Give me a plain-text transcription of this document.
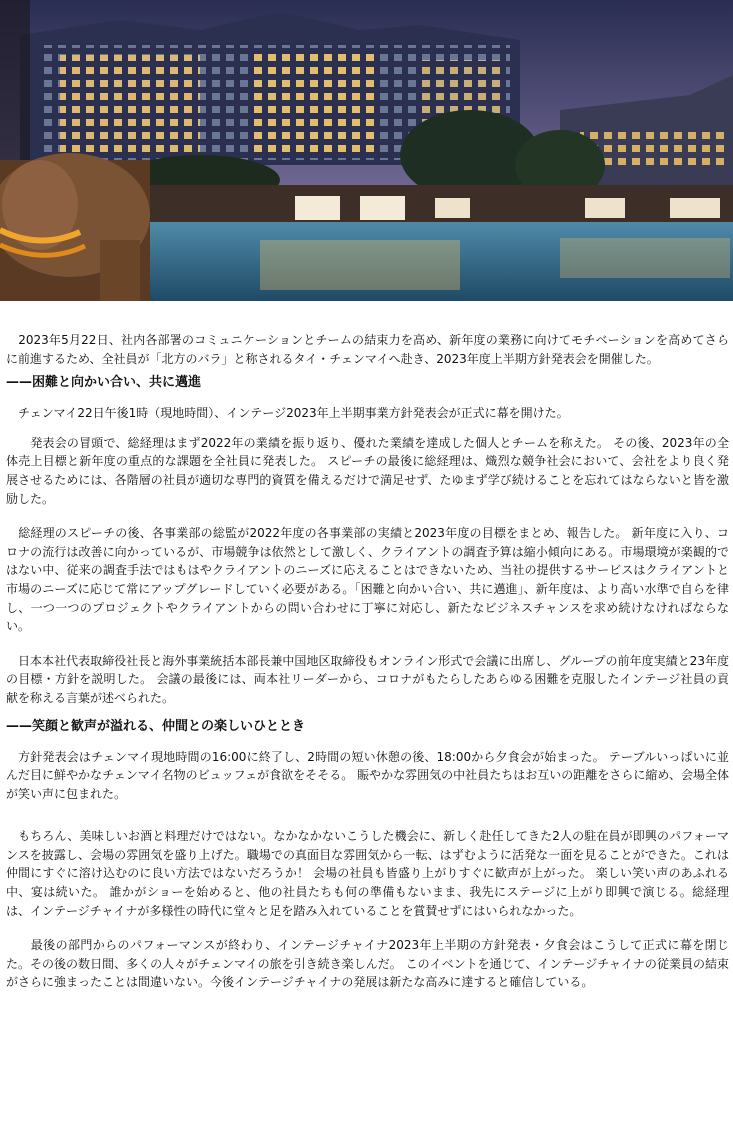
　2023年5月22日、社内各部署のコミュニケーションとチームの結束力を高め、新年度の業務に向けてモチベーションを高めてさらに前進するため、全社員が「北方のバラ」と称されるタイ・チェンマイへ赴き、2023年度上半期方針発表会を開催した。

——困難と向かい合い、共に邁進

　チェンマイ22日午後1時（現地時間）、インテージ2023年上半期事業方針発表会が正式に幕を開けた。

　　発表会の冒頭で、総経理はまず2022年の業績を振り返り、優れた業績を達成した個人とチームを称えた。 その後、2023年の全体売上目標と新年度の重点的な課題を全社員に発表した。 スピーチの最後に総経理は、熾烈な競争社会において、会社をより良く発展させるためには、各階層の社員が適切な専門的資質を備えるだけで満足せず、たゆまず学び続けることを忘れてはならないと皆を激励した。

　総経理のスピーチの後、各事業部の総監が2022年度の各事業部の実績と2023年度の目標をまとめ、報告した。 新年度に入り、コロナの流行は改善に向かっているが、市場競争は依然として激しく、クライアントの調査予算は縮小傾向にある。市場環境が楽観的ではない中、従来の調査手法ではもはやクライアントのニーズに応えることはできないため、当社の提供するサービスはクライアントと市場のニーズに応じて常にアップグレードしていく必要がある。「困難と向かい合い、共に邁進」、新年度は、より高い水準で自らを律し、一つ一つのプロジェクトやクライアントからの問い合わせに丁寧に対応し、新たなビジネスチャンスを求め続けなければならない。

　日本本社代表取締役社長と海外事業統括本部長兼中国地区取締役もオンライン形式で会議に出席し、グループの前年度実績と23年度の目標・方針を説明した。 会議の最後には、両本社リーダーから、コロナがもたらしたあらゆる困難を克服したインテージ社員の貢献を称える言葉が述べられた。

——笑顔と歓声が溢れる、仲間との楽しいひととき

　方針発表会はチェンマイ現地時間の16:00に終了し、2時間の短い休憩の後、18:00から夕食会が始まった。 テーブルいっぱいに並んだ目に鮮やかなチェンマイ名物のビュッフェが食欲をそそる。 賑やかな雰囲気の中社員たちはお互いの距離をさらに縮め、会場全体が笑い声に包まれた。

　もちろん、美味しいお酒と料理だけではない。なかなかないこうした機会に、新しく赴任してきた2人の駐在員が即興のパフォーマンスを披露し、会場の雰囲気を盛り上げた。職場での真面目な雰囲気から一転、はずむように活発な一面を見ることができた。これは仲間にすぐに溶け込むのに良い方法ではないだろうか！ 会場の社員も皆盛り上がりすぐに歓声が上がった。 楽しい笑い声のあふれる中、宴は続いた。 誰かがショーを始めると、他の社員たちも何の準備もないまま、我先にステージに上がり即興で演じる。総経理は、インテージチャイナが多様性の時代に堂々と足を踏み入れていることを賞賛せずにはいられなかった。

　　最後の部門からのパフォーマンスが終わり、インテージチャイナ2023年上半期の方針発表・夕食会はこうして正式に幕を閉じた。その後の数日間、多くの人々がチェンマイの旅を引き続き楽しんだ。 このイベントを通じて、インテージチャイナの従業員の結束がさらに強まったことは間違いない。今後インテージチャイナの発展は新たな高みに達すると確信している。
